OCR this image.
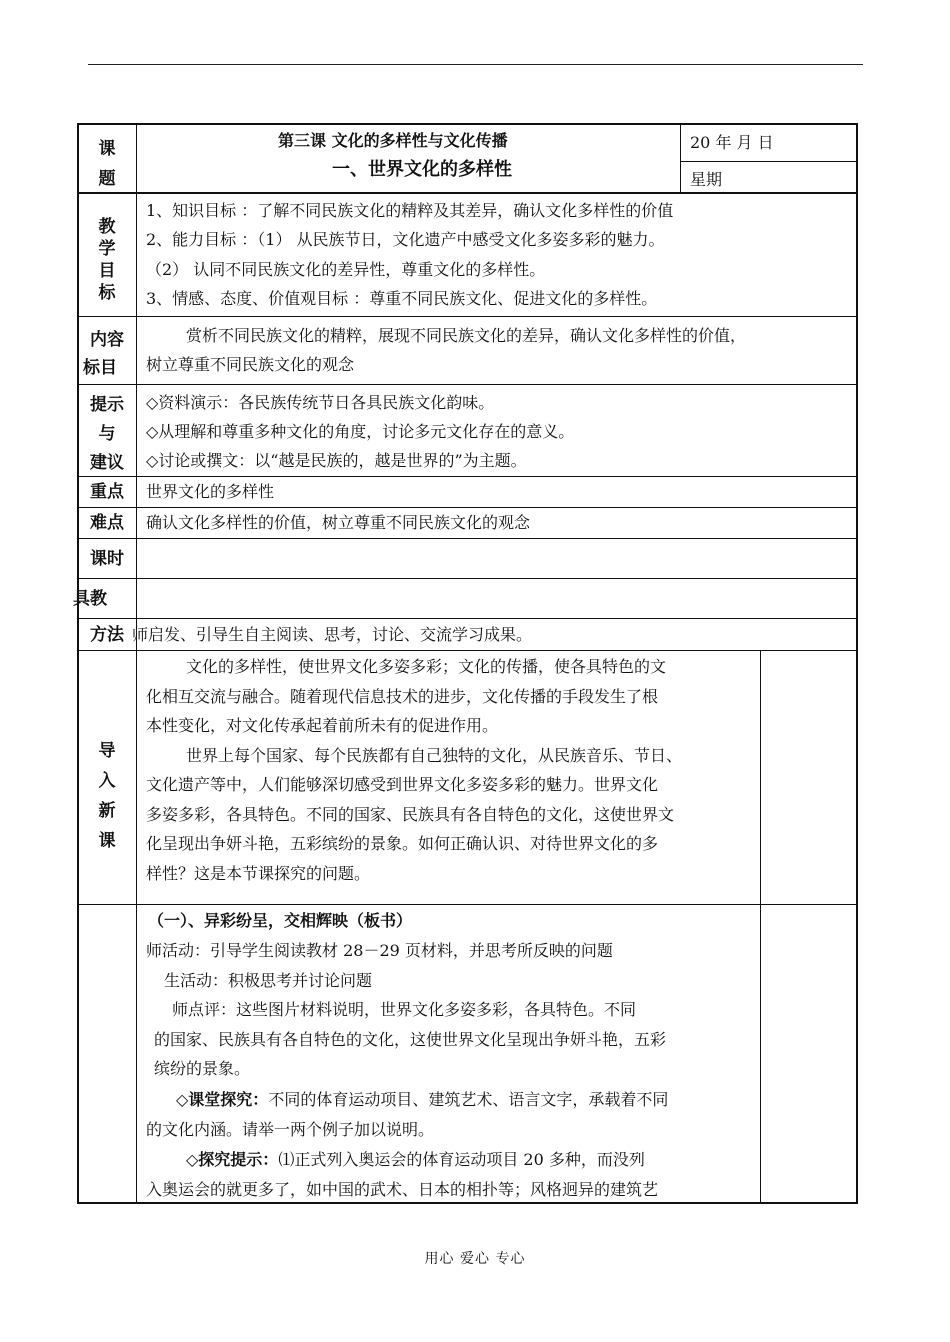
课
题
第三课 文化的多样性与文化传播
一、世界文化的多样性
20 年 月 日
星期
教
学
目
标
1、知识目标 ：了解不同民族文化的精粹及其差异，确认文化多样性的价值
2、能力目标 ：（1） 从民族节日，文化遗产中感受文化多姿多彩的魅力。
（2） 认同不同民族文化的差异性，尊重文化的多样性。
3、情感、态度、价值观目标 ：尊重不同民族文化、促进文化的多样性。
内容
标目
赏析不同民族文化的精粹，展现不同民族文化的差异，确认文化多样性的价值，
树立尊重不同民族文化的观念
提示
与
建议
◇资料演示：各民族传统节日各具民族文化韵味。
◇从理解和尊重多种文化的角度，讨论多元文化存在的意义。
◇讨论或撰文：以“越是民族的，越是世界的”为主题。
重点	世界文化的多样性
难点	确认文化多样性的价值，树立尊重不同民族文化的观念
课时
具教
方法 师启发、引导生自主阅读、思考，讨论、交流学习成果。
导
入
新
课
文化的多样性，使世界文化多姿多彩；文化的传播，使各具特色的文
化相互交流与融合。随着现代信息技术的进步，文化传播的手段发生了根
本性变化，对文化传承起着前所未有的促进作用。
世界上每个国家、每个民族都有自己独特的文化，从民族音乐、节日、
文化遗产等中，人们能够深切感受到世界文化多姿多彩的魅力。世界文化
多姿多彩，各具特色。不同的国家、民族具有各自特色的文化，这使世界文
化呈现出争妍斗艳，五彩缤纷的景象。如何正确认识、对待世界文化的多
样性？这是本节课探究的问题。
（一）、异彩纷呈，交相辉映（板书）
师活动：引导学生阅读教材 28－29 页材料，并思考所反映的问题
生活动：积极思考并讨论问题
师点评：这些图片材料说明，世界文化多姿多彩，各具特色。不同
的国家、民族具有各自特色的文化，这使世界文化呈现出争妍斗艳，五彩
缤纷的景象。
◇课堂探究：不同的体育运动项目、建筑艺术、语言文字，承载着不同
的文化内涵。请举一两个例子加以说明。
◇探究提示：⑴正式列入奥运会的体育运动项目 20 多种，而没列
入奥运会的就更多了，如中国的武术、日本的相扑等；风格迥异的建筑艺
用心 爱心 专心
